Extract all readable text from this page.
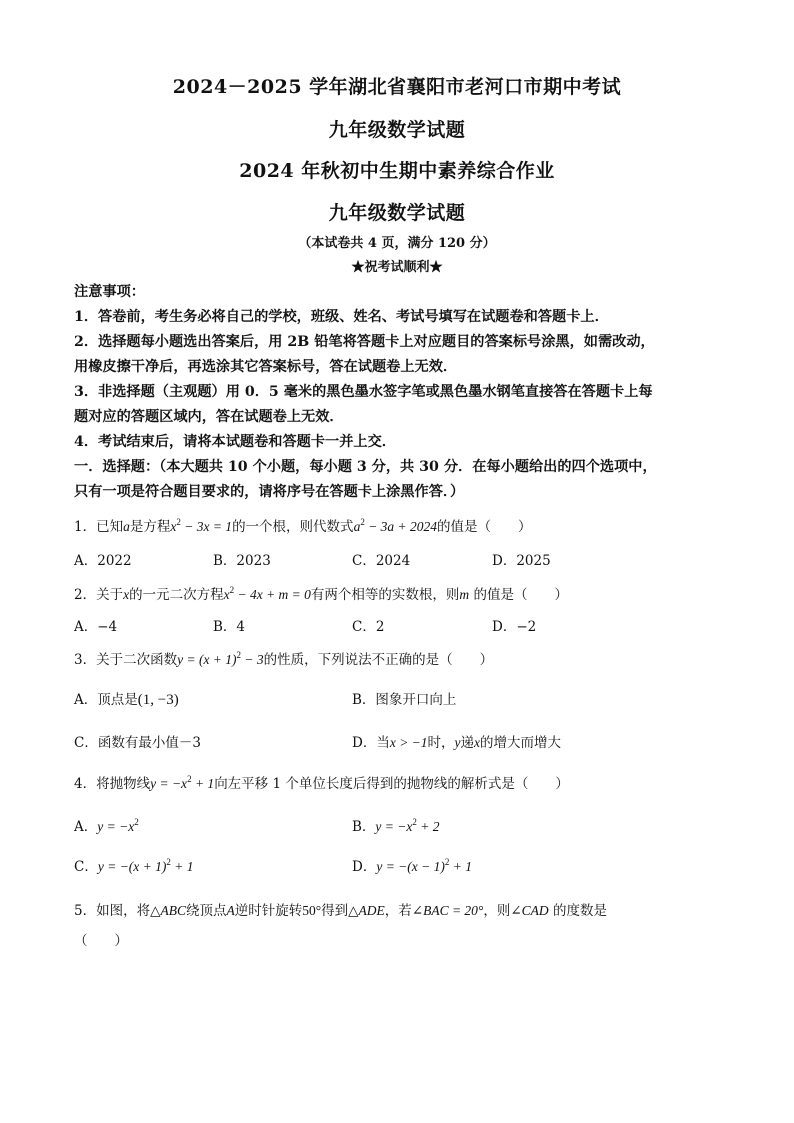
2024－2025 学年湖北省襄阳市老河口市期中考试
九年级数学试题
2024 年秋初中生期中素养综合作业
九年级数学试题
（本试卷共 4 页，满分 120 分）
★祝考试顺利★
注意事项：
1．答卷前，考生务必将自己的学校，班级、姓名、考试号填写在试题卷和答题卡上．
2．选择题每小题选出答案后，用 2B 铅笔将答题卡上对应题目的答案标号涂黑，如需改动，
用橡皮擦干净后，再选涂其它答案标号，答在试题卷上无效．
3．非选择题（主观题）用 0．5 毫米的黑色墨水签字笔或黑色墨水钢笔直接答在答题卡上每
题对应的答题区域内，答在试题卷上无效．
4．考试结束后，请将本试题卷和答题卡一并上交．
一．选择题：（本大题共 10 个小题，每小题 3 分，共 30 分．在每小题给出的四个选项中，
只有一项是符合题目要求的，请将序号在答题卡上涂黑作答．）
1．已知a是方程$x^2 - 3x = 1$的一个根，则代数式$a^2 - 3a + 2024$的值是（　　）
A．2022	B．2023	C．2024	D．2025
2．关于x的一元二次方程$x^2 - 4x + m = 0$有两个相等的实数根，则m 的值是（　　）
A．−4	B．4	C．2	D．−2
3．关于二次函数$y = (x + 1)^2 - 3$的性质，下列说法不正确的是（　　）
A．顶点是(1, −3)	B．图象开口向上
C．函数有最小值－3	D．当x > −1时，y递x的增大而增大
4．将抛物线$y = -x^2 + 1$向左平移 1 个单位长度后得到的抛物线的解析式是（　　）
A．$y = -x^2$	B．$y = -x^2 + 2$
C．$y = -(x + 1)^2 + 1$	D．$y = -(x - 1)^2 + 1$
5．如图，将△ABC绕顶点A逆时针旋转50°得到△ADE，若∠BAC = 20°，则∠CAD 的度数是
（　　）
